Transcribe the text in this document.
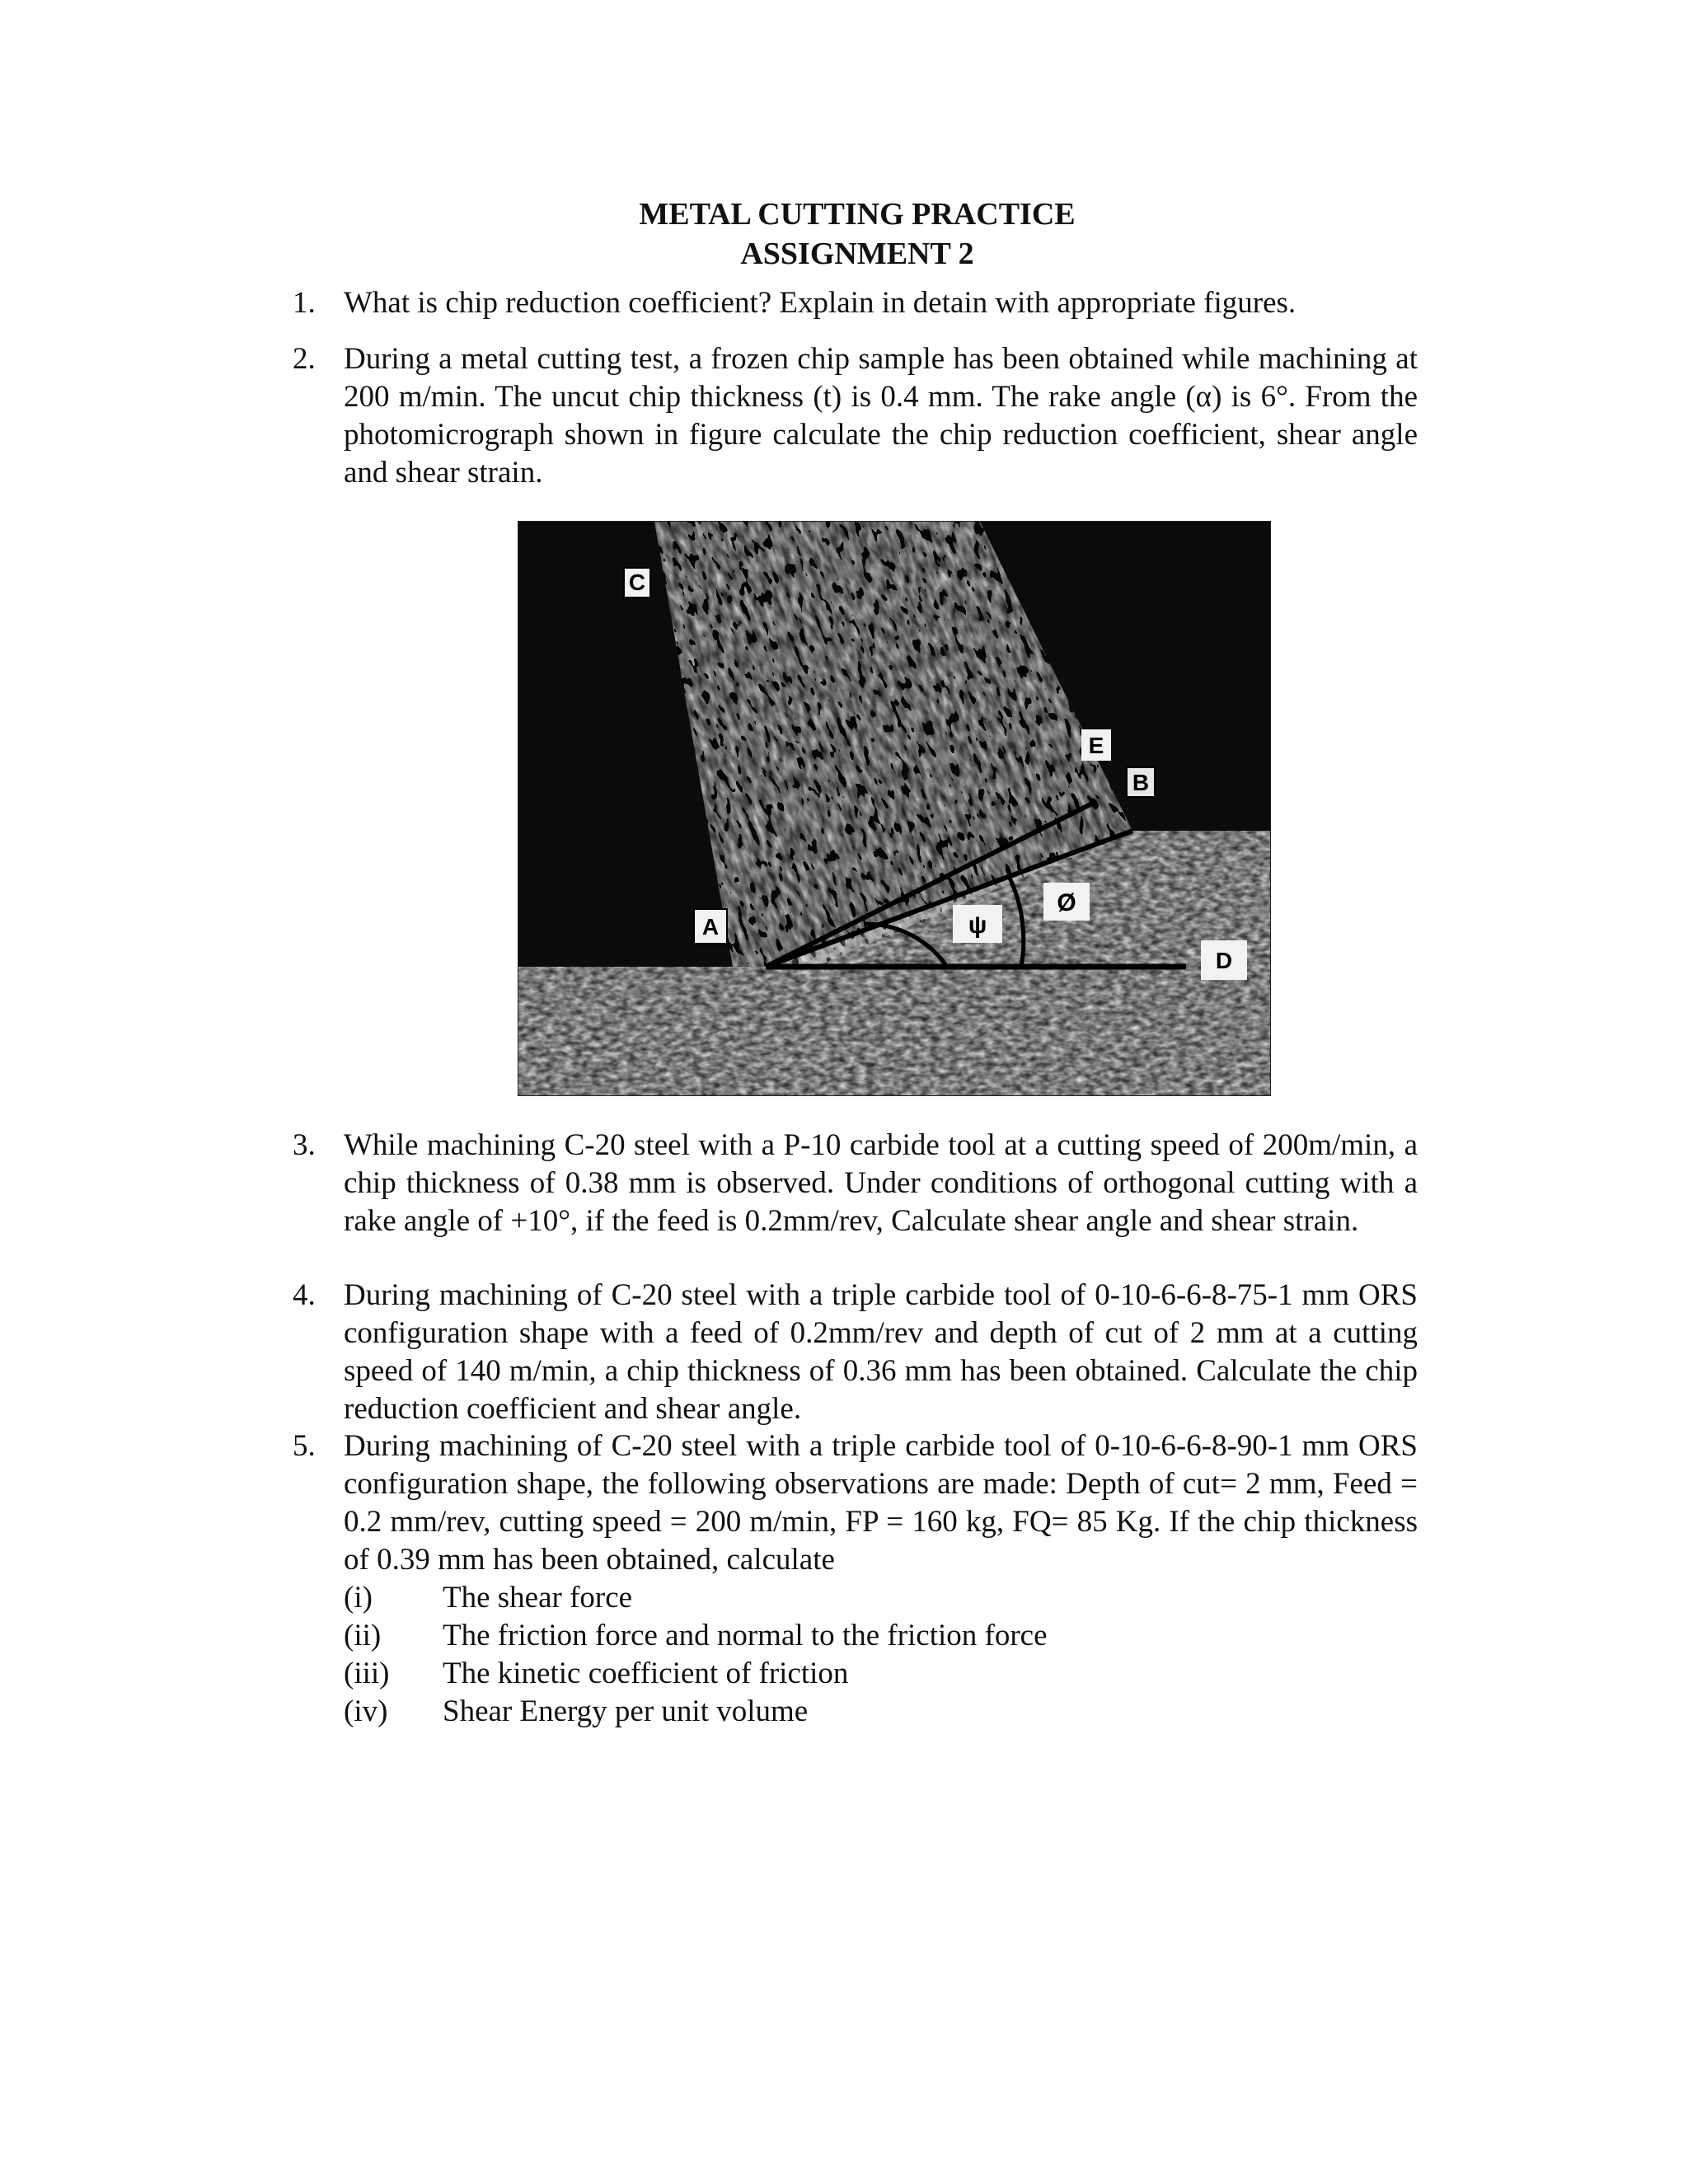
METAL CUTTING PRACTICE
ASSIGNMENT 2
1. What is chip reduction coefficient? Explain in detain with appropriate figures.

2. During a metal cutting test, a frozen chip sample has been obtained while machining at 200 m/min. The uncut chip thickness (t) is 0.4 mm. The rake angle (α) is 6°. From the photomicrograph shown in figure calculate the chip reduction coefficient, shear angle and shear strain.

C
E
B
A	ψ
Ø
D
3. While machining C-20 steel with a P-10 carbide tool at a cutting speed of 200m/min, a chip thickness of 0.38 mm is observed. Under conditions of orthogonal cutting with a rake angle of +10°, if the feed is 0.2mm/rev, Calculate shear angle and shear strain.

4. During machining of C-20 steel with a triple carbide tool of 0-10-6-6-8-75-1 mm ORS configuration shape with a feed of 0.2mm/rev and depth of cut of 2 mm at a cutting speed of 140 m/min, a chip thickness of 0.36 mm has been obtained. Calculate the chip reduction coefficient and shear angle.

5. During machining of C-20 steel with a triple carbide tool of 0-10-6-6-8-90-1 mm ORS configuration shape, the following observations are made: Depth of cut= 2 mm, Feed = 0.2 mm/rev, cutting speed = 200 m/min, FP = 160 kg, FQ= 85 Kg. If the chip thickness of 0.39 mm has been obtained, calculate

(i) The shear force
(ii) The friction force and normal to the friction force
(iii) The kinetic coefficient of friction
(iv) Shear Energy per unit volume
